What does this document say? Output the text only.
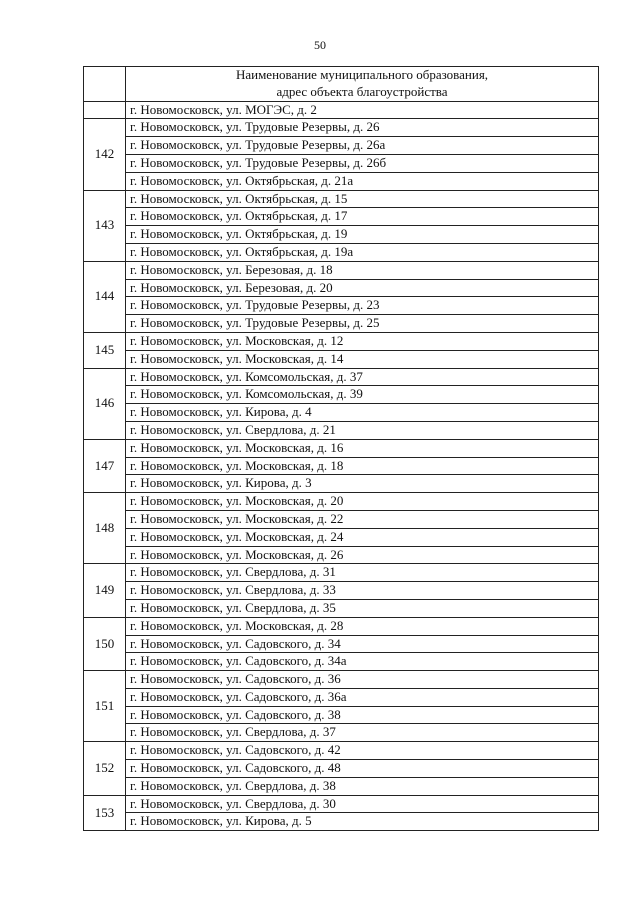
50

	Наименование муниципального образования,
адрес объекта благоустройства

	г. Новомосковск, ул. МОГЭС, д. 2
142	г. Новомосковск, ул. Трудовые Резервы, д. 26
	г. Новомосковск, ул. Трудовые Резервы, д. 26а
	г. Новомосковск, ул. Трудовые Резервы, д. 26б
	г. Новомосковск, ул. Октябрьская, д. 21а
143	г. Новомосковск, ул. Октябрьская, д. 15
	г. Новомосковск, ул. Октябрьская, д. 17
	г. Новомосковск, ул. Октябрьская, д. 19
	г. Новомосковск, ул. Октябрьская, д. 19а
144	г. Новомосковск, ул. Березовая, д. 18
	г. Новомосковск, ул. Березовая, д. 20
	г. Новомосковск, ул. Трудовые Резервы, д. 23
	г. Новомосковск, ул. Трудовые Резервы, д. 25
145	г. Новомосковск, ул. Московская, д. 12
	г. Новомосковск, ул. Московская, д. 14
146	г. Новомосковск, ул. Комсомольская, д. 37
	г. Новомосковск, ул. Комсомольская, д. 39
	г. Новомосковск, ул. Кирова, д. 4
	г. Новомосковск, ул. Свердлова, д. 21
147	г. Новомосковск, ул. Московская, д. 16
	г. Новомосковск, ул. Московская, д. 18
	г. Новомосковск, ул. Кирова, д. 3
148	г. Новомосковск, ул. Московская, д. 20
	г. Новомосковск, ул. Московская, д. 22
	г. Новомосковск, ул. Московская, д. 24
	г. Новомосковск, ул. Московская, д. 26
149	г. Новомосковск, ул. Свердлова, д. 31
	г. Новомосковск, ул. Свердлова, д. 33
	г. Новомосковск, ул. Свердлова, д. 35
150	г. Новомосковск, ул. Московская, д. 28
	г. Новомосковск, ул. Садовского, д. 34
	г. Новомосковск, ул. Садовского, д. 34а
151	г. Новомосковск, ул. Садовского, д. 36
	г. Новомосковск, ул. Садовского, д. 36а
	г. Новомосковск, ул. Садовского, д. 38
	г. Новомосковск, ул. Свердлова, д. 37
152	г. Новомосковск, ул. Садовского, д. 42
	г. Новомосковск, ул. Садовского, д. 48
	г. Новомосковск, ул. Свердлова, д. 38
153	г. Новомосковск, ул. Свердлова, д. 30
	г. Новомосковск, ул. Кирова, д. 5
